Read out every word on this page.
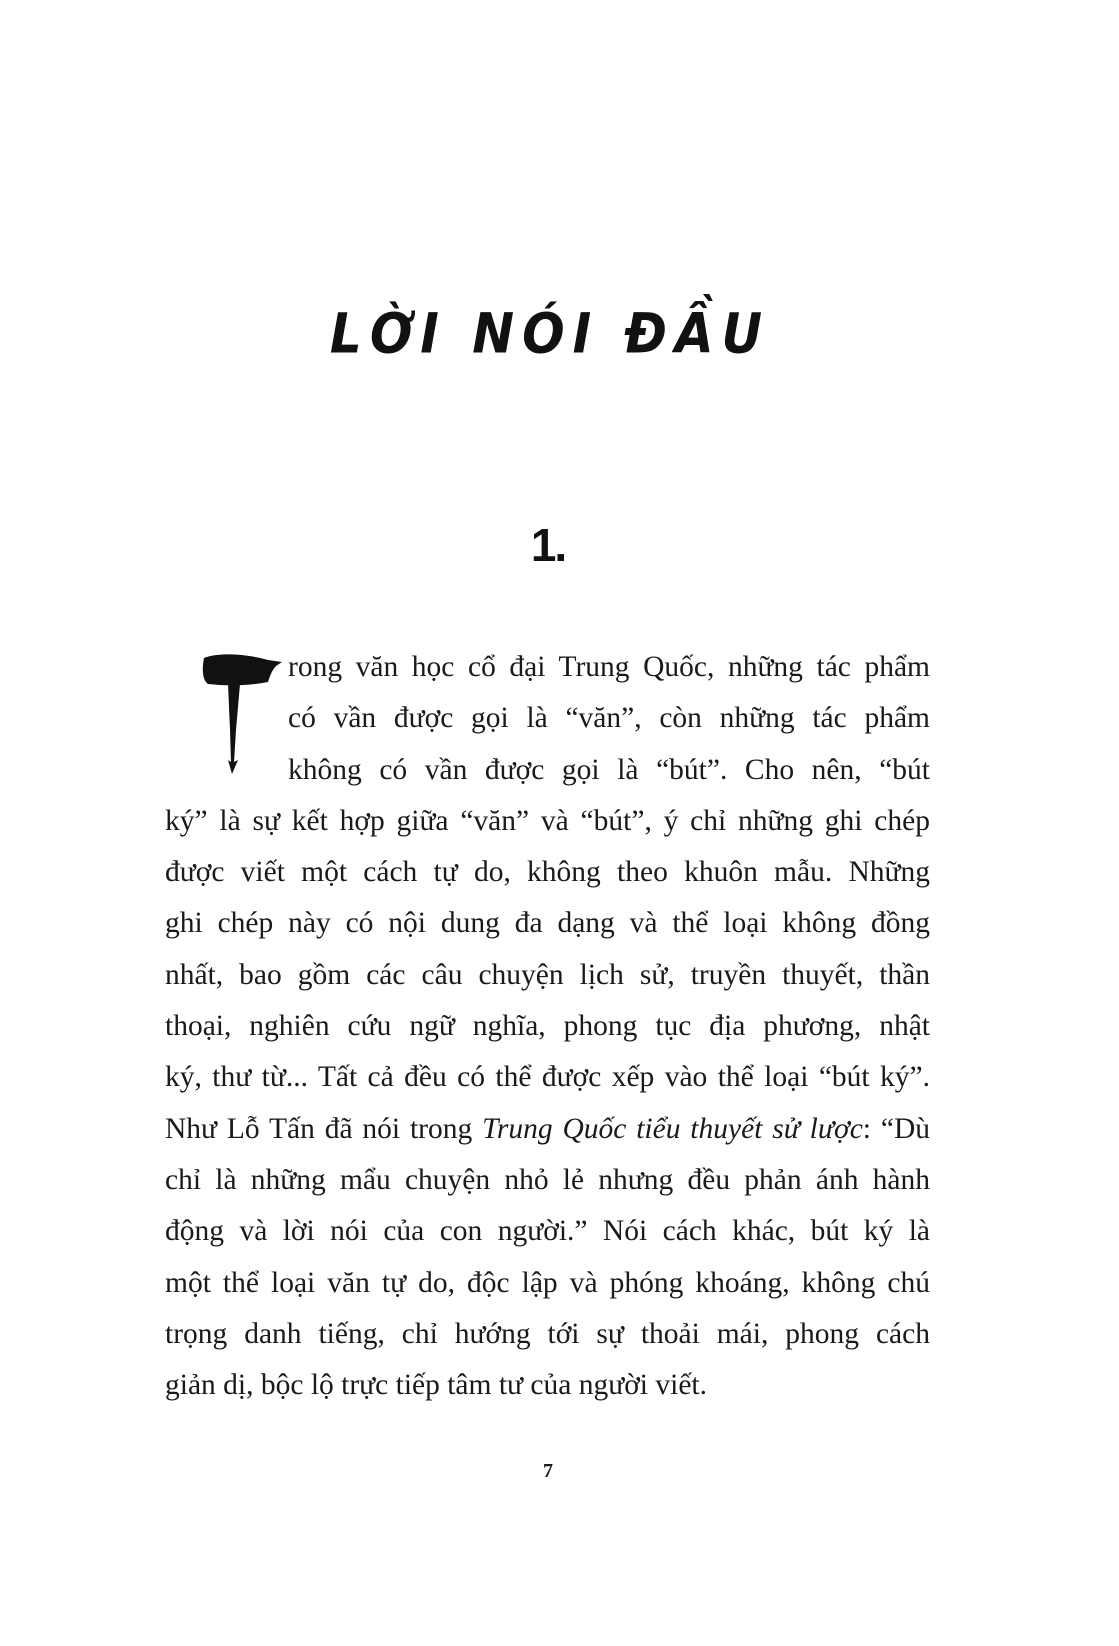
LỜI NÓI ĐẦU
1.
rong văn học cổ đại Trung Quốc, những tác phẩm
có vần được gọi là “văn”, còn những tác phẩm
không có vần được gọi là “bút”. Cho nên, “bút
ký” là sự kết hợp giữa “văn” và “bút”, ý chỉ những ghi chép
được viết một cách tự do, không theo khuôn mẫu. Những
ghi chép này có nội dung đa dạng và thể loại không đồng
nhất, bao gồm các câu chuyện lịch sử, truyền thuyết, thần
thoại, nghiên cứu ngữ nghĩa, phong tục địa phương, nhật
ký, thư từ... Tất cả đều có thể được xếp vào thể loại “bút ký”.
Như Lỗ Tấn đã nói trong Trung Quốc tiểu thuyết sử lược: “Dù
chỉ là những mẩu chuyện nhỏ lẻ nhưng đều phản ánh hành
động và lời nói của con người.” Nói cách khác, bút ký là
một thể loại văn tự do, độc lập và phóng khoáng, không chú
trọng danh tiếng, chỉ hướng tới sự thoải mái, phong cách
giản dị, bộc lộ trực tiếp tâm tư của người viết.
7
